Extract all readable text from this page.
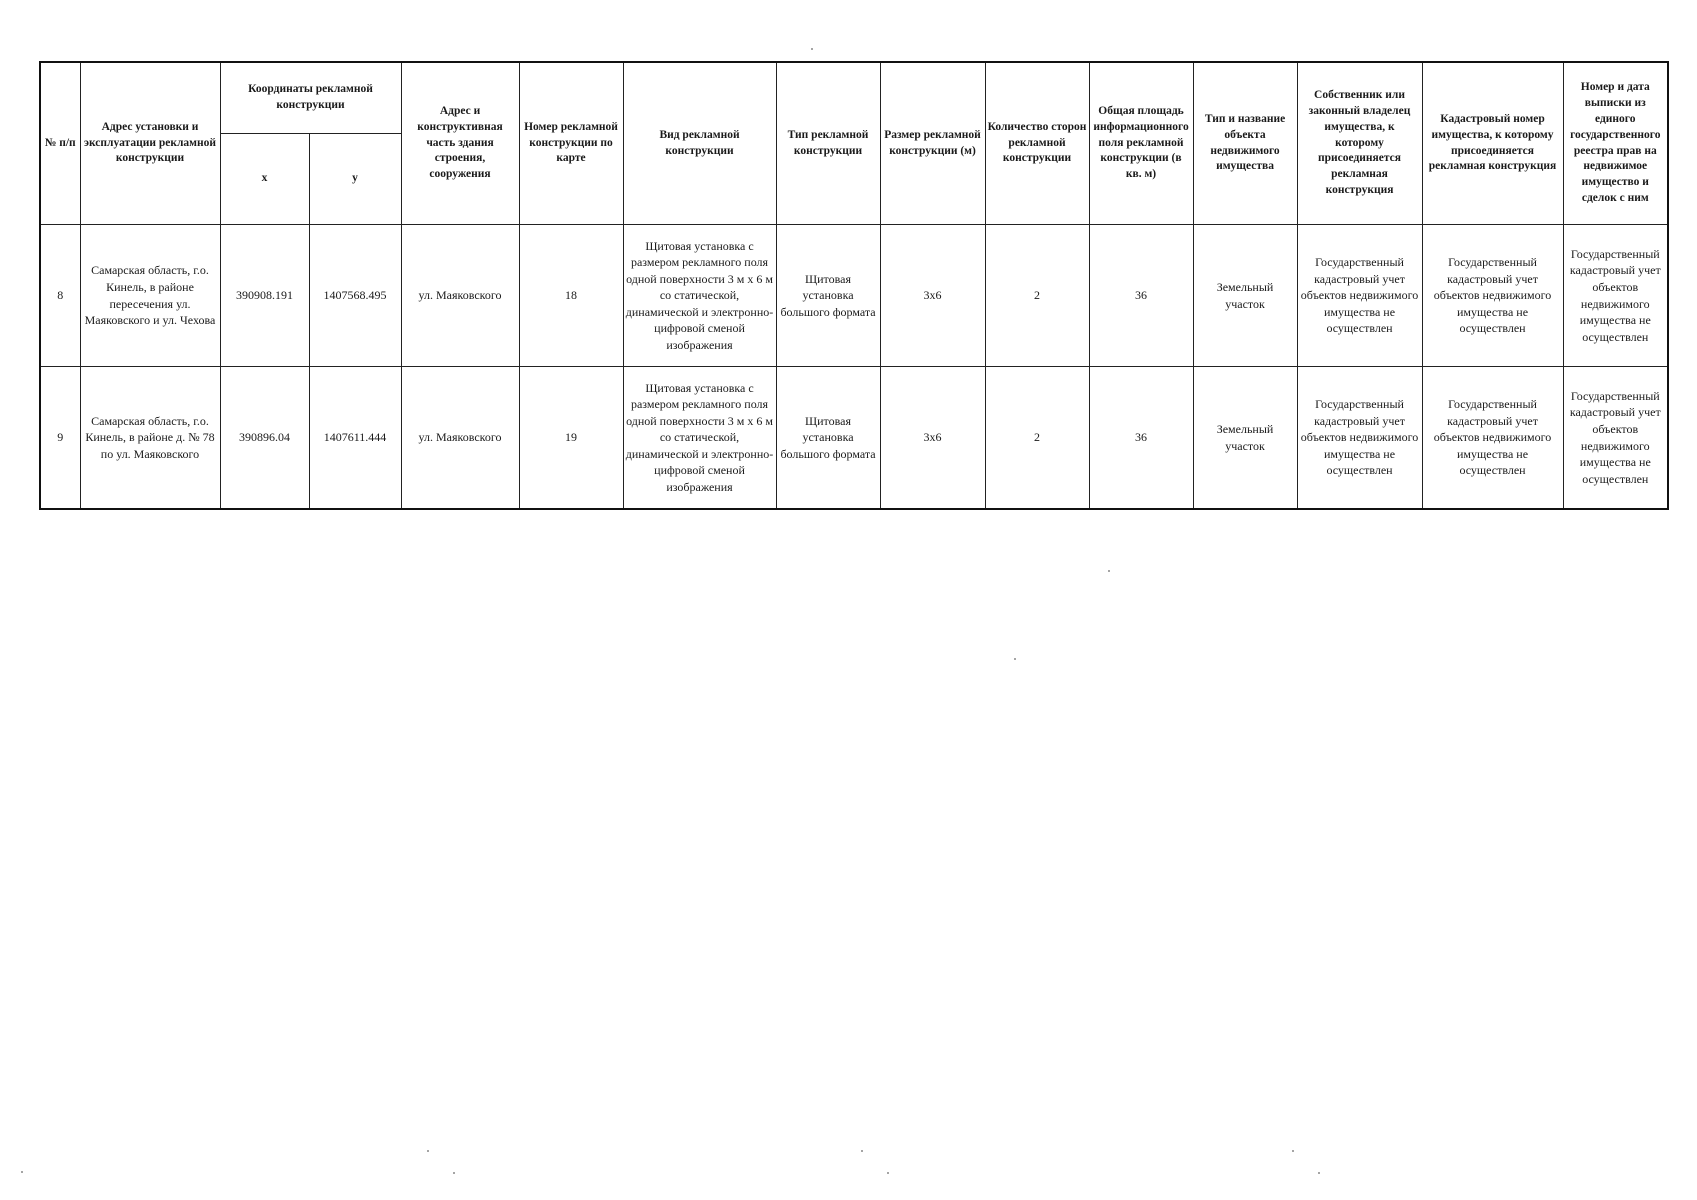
№ п/п	Адрес установки и эксплуатации рекламной конструкции	Координаты рекламной конструкции		Адрес и конструктивная часть здания строения, сооружения	Номер рекламной конструкции по карте	Вид рекламной конструкции	Тип рекламной конструкции	Размер рекламной конструкции (м)	Количество сторон рекламной конструкции	Общая площадь информационного поля рекламной конструкции (в кв. м)	Тип и название объекта недвижимого имущества	Собственник или законный владелец имущества, к которому присоединяется рекламная конструкция	Кадастровый номер имущества, к которому присоединяется рекламная конструкция	Номер и дата выписки из единого государственного реестра прав на недвижимое имущество и сделок с ним
		х	у											
8	Самарская область, г.о. Кинель, в районе пересечения ул. Маяковского и ул. Чехова	390908.191	1407568.495	ул. Маяковского	18	Щитовая установка с размером рекламного поля одной поверхности 3 м х 6 м со статической, динамической и электронно-цифровой сменой изображения	Щитовая установка большого формата	3х6	2	36	Земельный участок	Государственный кадастровый учет объектов недвижимого имущества не осуществлен	Государственный кадастровый учет объектов недвижимого имущества не осуществлен	Государственный кадастровый учет объектов недвижимого имущества не осуществлен
9	Самарская область, г.о. Кинель, в районе д. № 78 по ул. Маяковского	390896.04	1407611.444	ул. Маяковского	19	Щитовая установка с размером рекламного поля одной поверхности 3 м х 6 м со статической, динамической и электронно-цифровой сменой изображения	Щитовая установка большого формата	3х6	2	36	Земельный участок	Государственный кадастровый учет объектов недвижимого имущества не осуществлен	Государственный кадастровый учет объектов недвижимого имущества не осуществлен	Государственный кадастровый учет объектов недвижимого имущества не осуществлен
